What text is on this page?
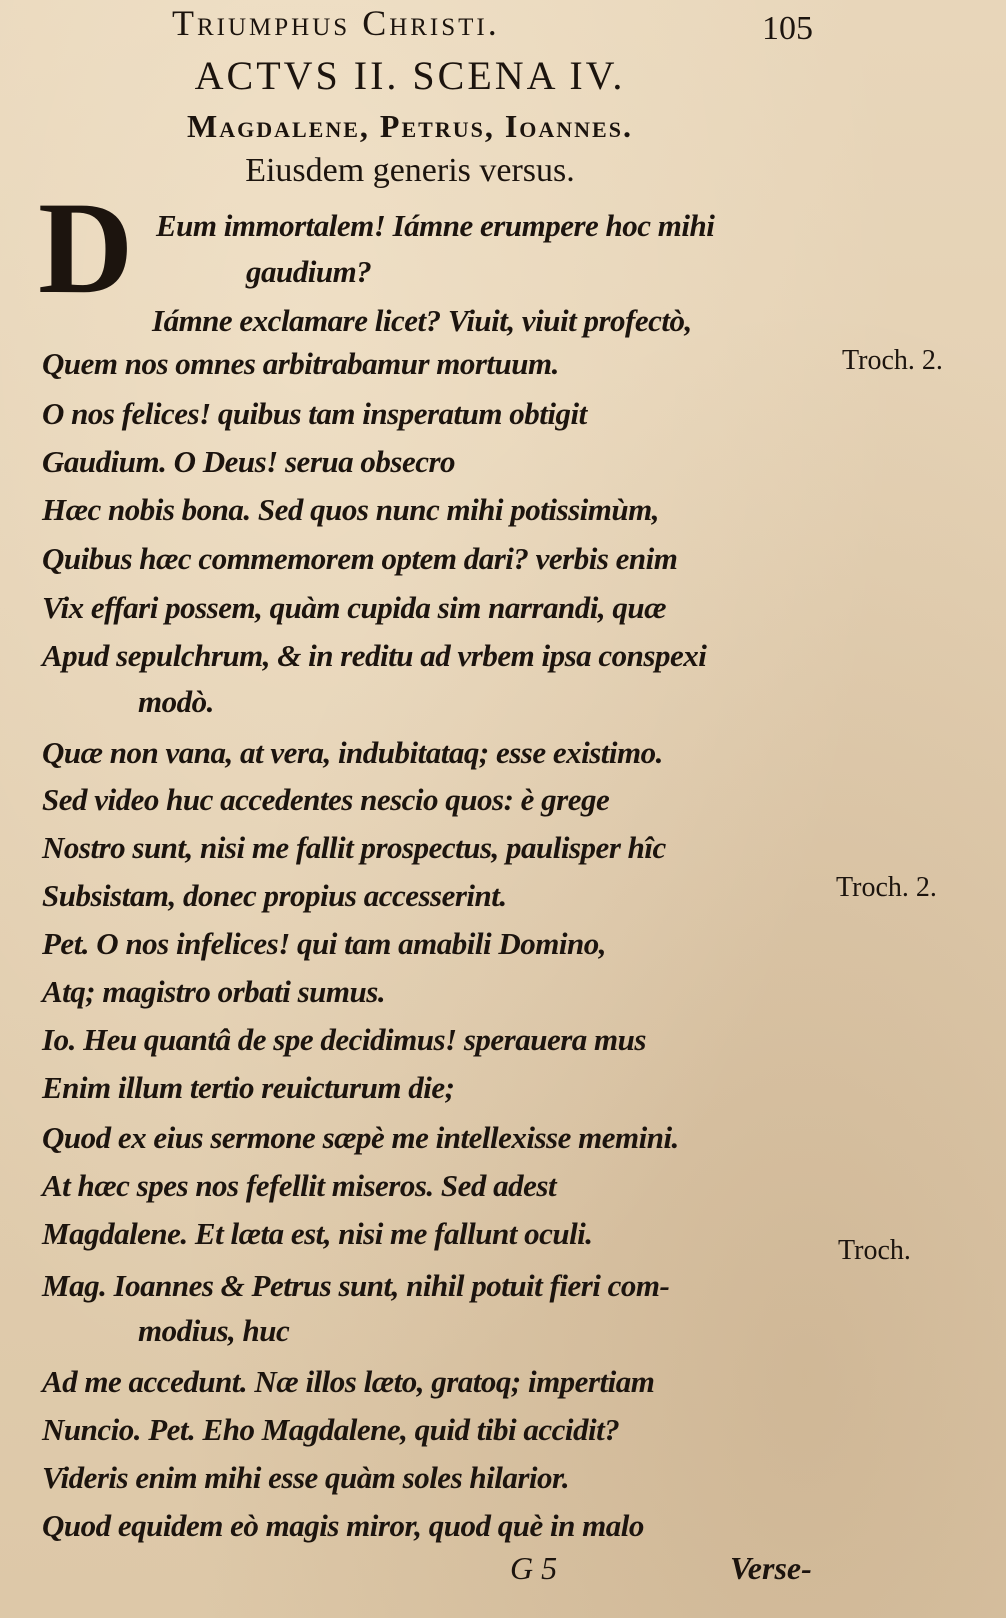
Triumphus Christi.	105
ACTVS II. SCENA IV.
Magdalene, Petrus, Ioannes.
Eiusdem generis versus.
D Eum immortalem! Iámne erumpere hoc mihi
gaudium?
Iámne exclamare licet? Viuit, viuit profectò,
Quem nos omnes arbitrabamur mortuum.
O nos felices! quibus tam insperatum obtigit
Gaudium. O Deus! serua obsecro
Hæc nobis bona. Sed quos nunc mihi potissimùm,
Quibus hæc commemorem optem dari? verbis enim
Vix effari possem, quàm cupida sim narrandi, quæ
Apud sepulchrum, & in reditu ad vrbem ipsa conspexi
modò.
Quæ non vana, at vera, indubitataq; esse existimo.
Sed video huc accedentes nescio quos: è grege
Nostro sunt, nisi me fallit prospectus, paulisper hîc
Subsistam, donec propius accesserint.
Pet. O nos infelices! qui tam amabili Domino,
Atq; magistro orbati sumus.
Io. Heu quantâ de spe decidimus! sperauera mus
Enim illum tertio reuicturum die;
Quod ex eius sermone sæpè me intellexisse memini.
At hæc spes nos fefellit miseros. Sed adest
Magdalene. Et læta est, nisi me fallunt oculi.
Mag. Ioannes & Petrus sunt, nihil potuit fieri com-
modius, huc
Ad me accedunt. Næ illos læto, gratoq; impertiam
Nuncio. Pet. Eho Magdalene, quid tibi accidit?
Videris enim mihi esse quàm soles hilarior.
Quod equidem eò magis miror, quod què in malo
Troch. 2.
Troch. 2.
Troch.
G 5	Verse-
